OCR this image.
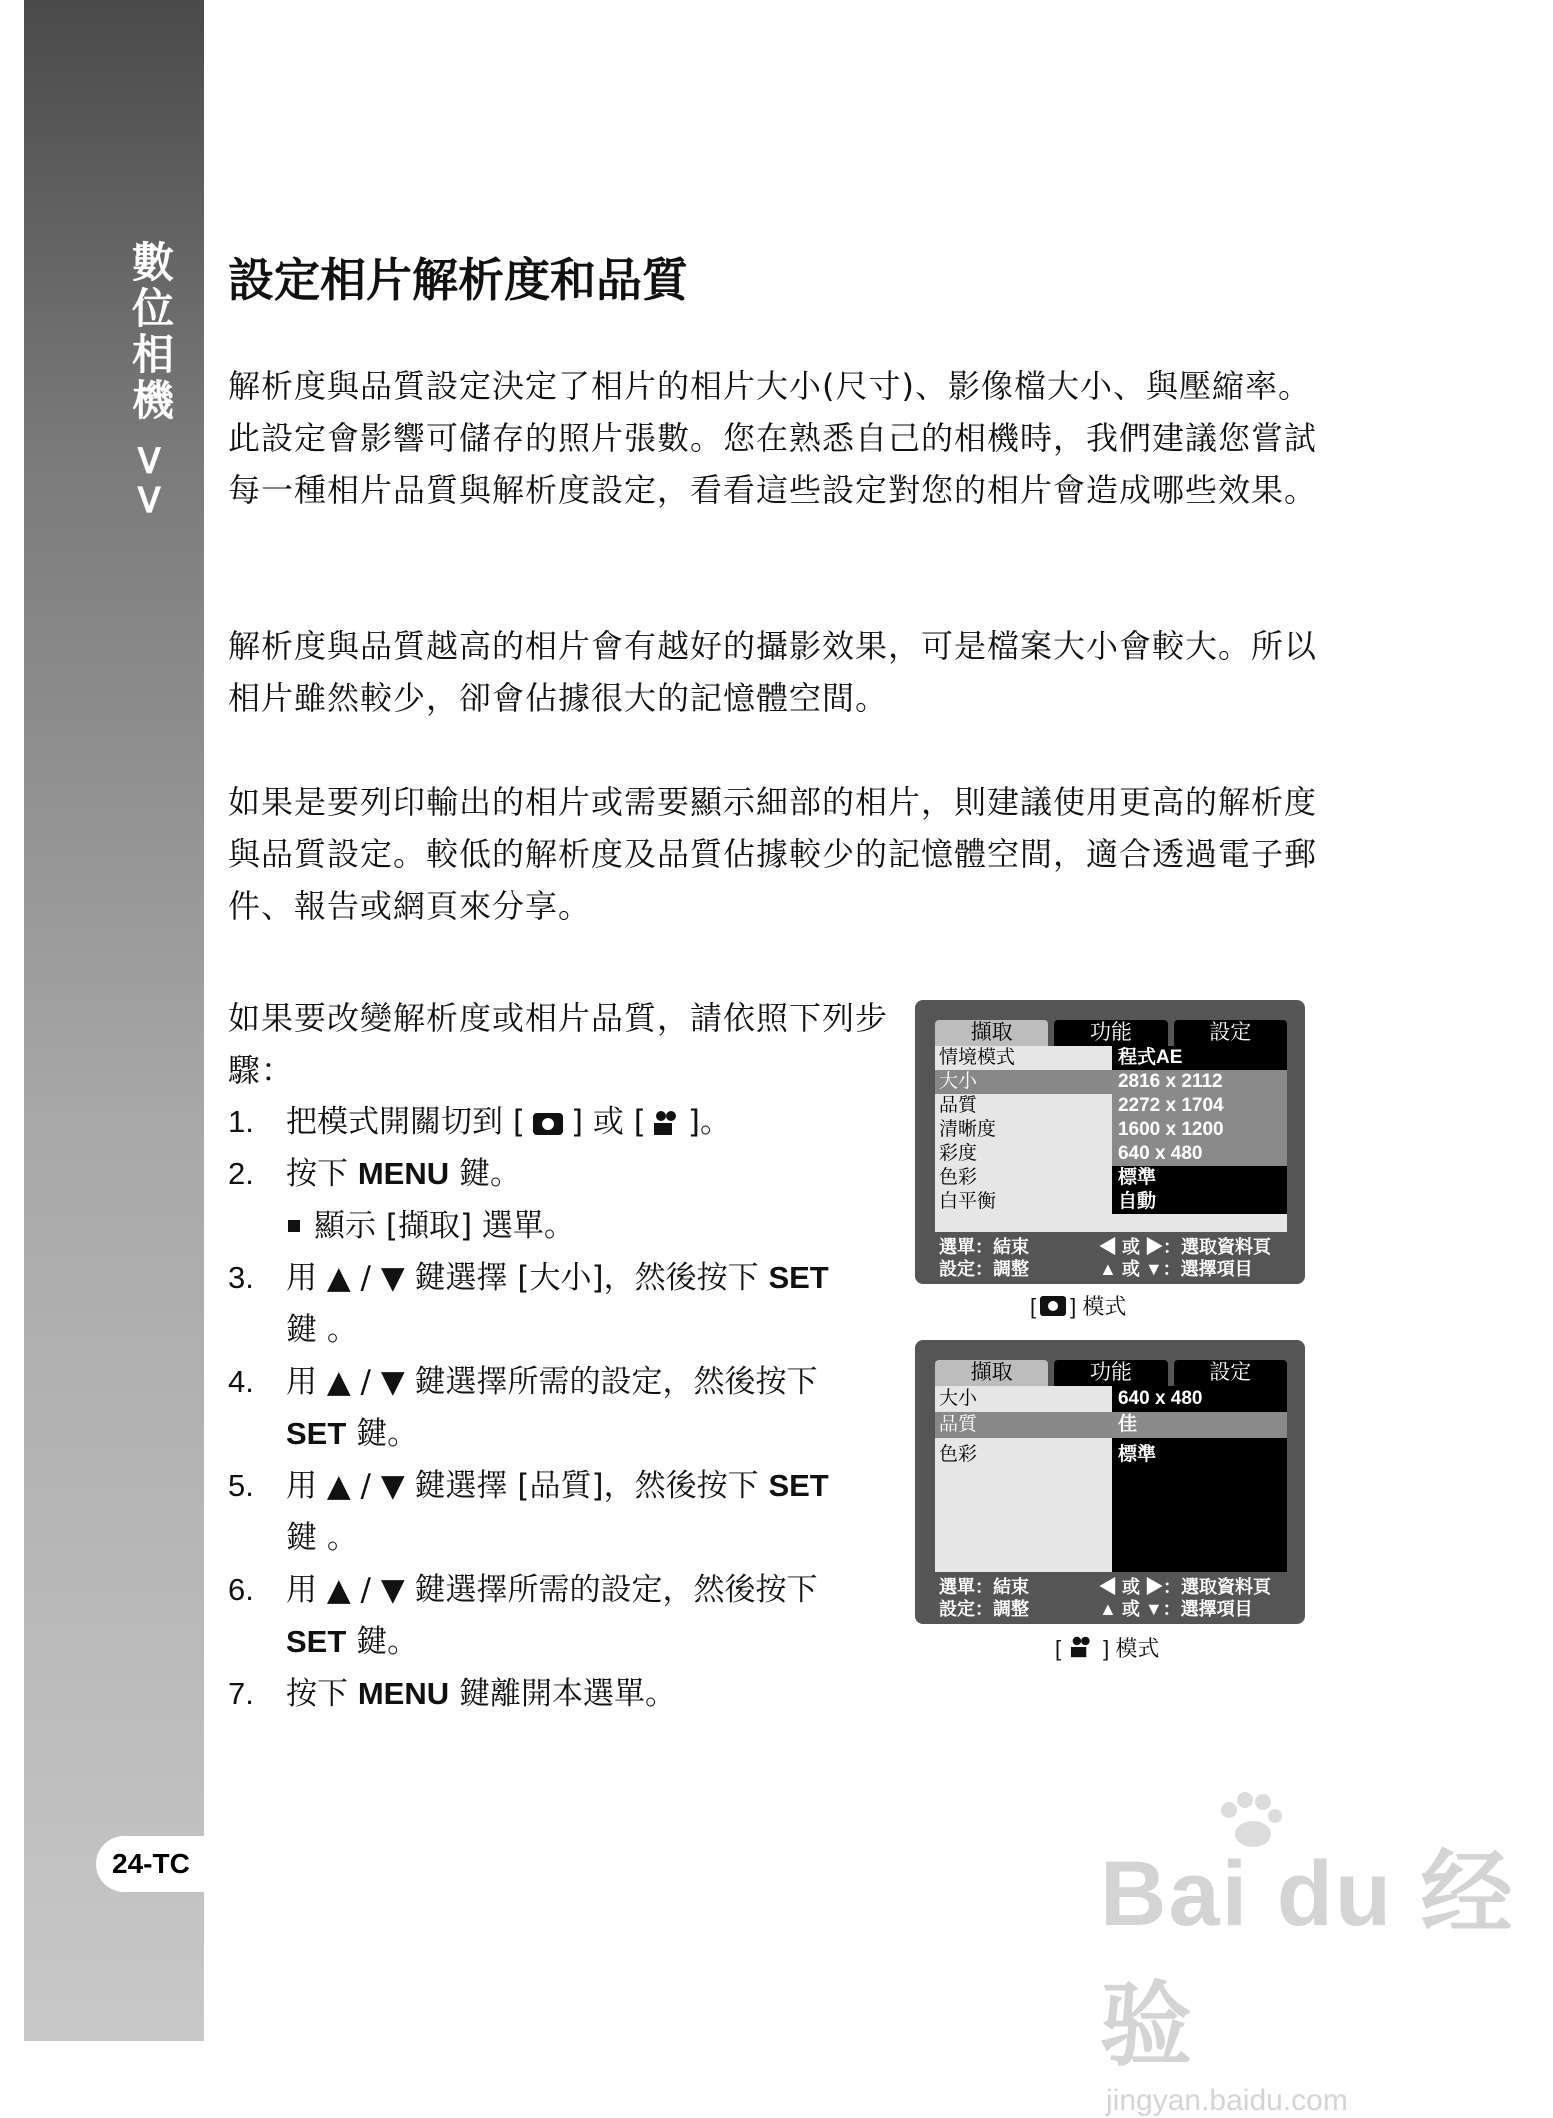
數位相機 >>
24-TC
設定相片解析度和品質

解析度與品質設定決定了相片的相片大小(尺寸)、影像檔大小、與壓縮率。此設定會影響可儲存的照片張數。您在熟悉自己的相機時，我們建議您嘗試每一種相片品質與解析度設定，看看這些設定對您的相片會造成哪些效果。

解析度與品質越高的相片會有越好的攝影效果，可是檔案大小會較大。所以相片雖然較少，卻會佔據很大的記憶體空間。

如果是要列印輸出的相片或需要顯示細部的相片，則建議使用更高的解析度與品質設定。較低的解析度及品質佔據較少的記憶體空間，適合透過電子郵件、報告或網頁來分享。

如果要改變解析度或相片品質，請依照下列步驟：
1. 把模式開關切到 [ ] 或 [ ]。
2. 按下 MENU 鍵。
顯示 [擷取] 選單。
3. 用 ▲ / ▼ 鍵選擇 [大小]，然後按下 SET
鍵 。
4. 用 ▲ / ▼ 鍵選擇所需的設定，然後按下
SET 鍵。
5. 用 ▲ / ▼ 鍵選擇 [品質]，然後按下 SET
鍵 。
6. 用 ▲ / ▼ 鍵選擇所需的設定，然後按下
SET 鍵。
7. 按下 MENU 鍵離開本選單。
擷取	功能	設定
情境模式	程式AE
大小	2816 x 2112
品質	2272 x 1704
清晰度	1600 x 1200
彩度	640 x 480
色彩	標準
白平衡	自動
選單：結束	◀ 或 ▶：選取資料頁
設定：調整	▲ 或 ▼：選擇項目
[ ] 模式
擷取	功能	設定
大小	640 x 480
品質	佳
色彩	標準
選單：結束	◀ 或 ▶：選取資料頁
設定：調整	▲ 或 ▼：選擇項目
[ ] 模式
Bai du 经验
jingyan.baidu.com
